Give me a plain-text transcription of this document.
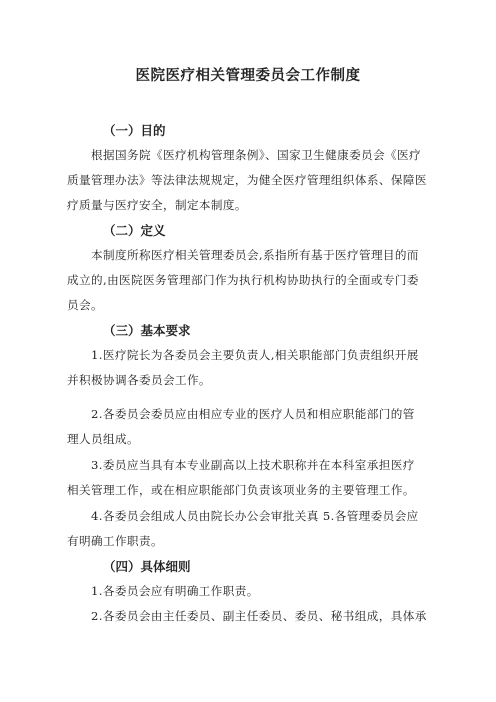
医院医疗相关管理委员会工作制度
（一）目的
根据国务院《医疗机构管理条例》、国家卫生健康委员会《医疗
质量管理办法》等法律法规规定，为健全医疗管理组织体系、保障医
疗质量与医疗安全，制定本制度。
（二）定义
本制度所称医疗相关管理委员会,系指所有基于医疗管理目的而
成立的,由医院医务管理部门作为执行机构协助执行的全面或专门委
员会。
（三）基本要求
1.医疗院长为各委员会主要负责人,相关职能部门负责组织开展
并积极协调各委员会工作。
2.各委员会委员应由相应专业的医疗人员和相应职能部门的管
理人员组成。
3.委员应当具有本专业副高以上技术职称并在本科室承担医疗
相关管理工作，或在相应职能部门负责该项业务的主要管理工作。
4.各委员会组成人员由院长办公会审批关真 5.各管理委员会应
有明确工作职责。
（四）具体细则
1.各委员会应有明确工作职责。
2.各委员会由主任委员、副主任委员、委员、秘书组成，具体承
